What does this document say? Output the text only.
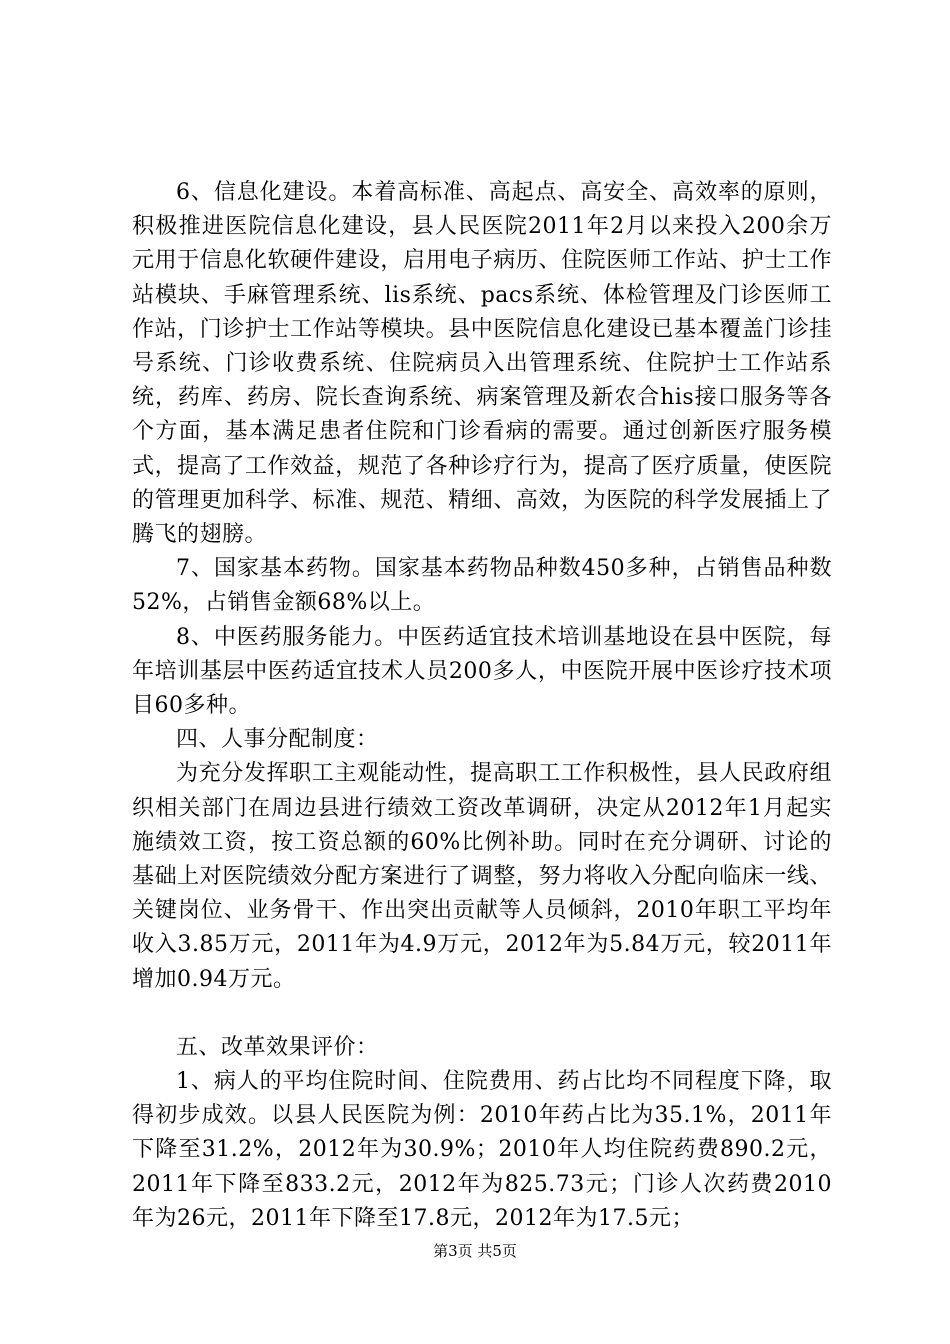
6、信息化建设。本着高标准、高起点、高安全、高效率的原则，积极推进医院信息化建设，县人民医院2011年2月以来投入200余万元用于信息化软硬件建设，启用电子病历、住院医师工作站、护士工作站模块、手麻管理系统、lis系统、pacs系统、体检管理及门诊医师工作站，门诊护士工作站等模块。县中医院信息化建设已基本覆盖门诊挂号系统、门诊收费系统、住院病员入出管理系统、住院护士工作站系统，药库、药房、院长查询系统、病案管理及新农合his接口服务等各个方面，基本满足患者住院和门诊看病的需要。通过创新医疗服务模式，提高了工作效益，规范了各种诊疗行为，提高了医疗质量，使医院的管理更加科学、标准、规范、精细、高效，为医院的科学发展插上了腾飞的翅膀。

7、国家基本药物。国家基本药物品种数450多种，占销售品种数52%，占销售金额68%以上。

8、中医药服务能力。中医药适宜技术培训基地设在县中医院，每年培训基层中医药适宜技术人员200多人，中医院开展中医诊疗技术项目60多种。

四、人事分配制度：

为充分发挥职工主观能动性，提高职工工作积极性，县人民政府组织相关部门在周边县进行绩效工资改革调研，决定从2012年1月起实施绩效工资，按工资总额的60%比例补助。同时在充分调研、讨论的基础上对医院绩效分配方案进行了调整，努力将收入分配向临床一线、关键岗位、业务骨干、作出突出贡献等人员倾斜，2010年职工平均年收入3.85万元，2011年为4.9万元，2012年为5.84万元，较2011年增加0.94万元。

五、改革效果评价：

1、病人的平均住院时间、住院费用、药占比均不同程度下降，取得初步成效。以县人民医院为例：2010年药占比为35.1%，2011年下降至31.2%，2012年为30.9%；2010年人均住院药费890.2元，2011年下降至833.2元，2012年为825.73元；门诊人次药费2010年为26元，2011年下降至17.8元，2012年为17.5元；

第3页 共5页
